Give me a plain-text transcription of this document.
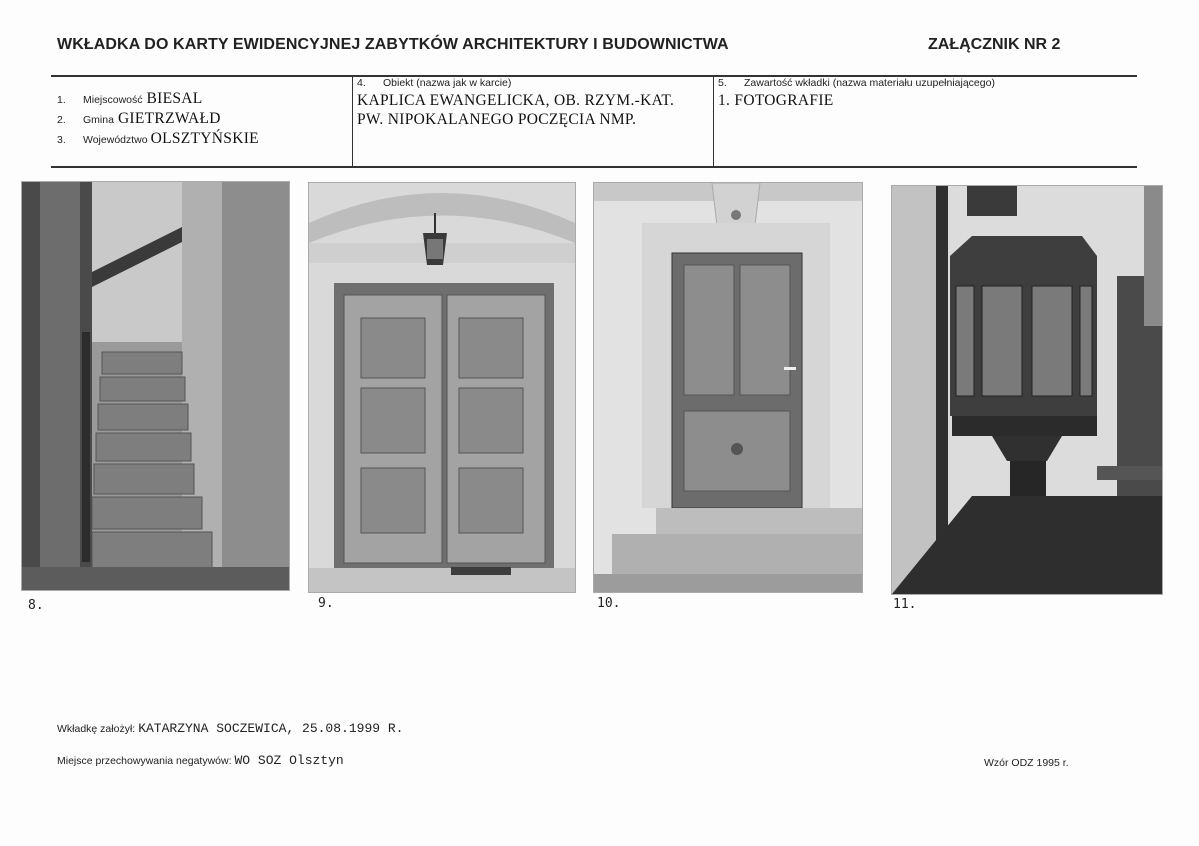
WKŁADKA DO KARTY EWIDENCYJNEJ ZABYTKÓW ARCHITEKTURY I BUDOWNICTWA	ZAŁĄCZNIK NR 2
1.	Miejscowość BIESAL
2.	Gmina GIETRZWAŁD
3.	Województwo OLSZTYŃSKIE
4.	Obiekt (nazwa jak w karcie)
KAPLICA EWANGELICKA, OB. RZYM.-KAT.
PW. NIPOKALANEGO POCZĘCIA NMP.
5.	Zawartość wkładki (nazwa materiału uzupełniającego)
1. FOTOGRAFIE
8.	9.	10.	11.
Wkładkę założył: KATARZYNA SOCZEWICA, 25.08.1999 R.
Miejsce przechowywania negatywów: WO SOZ Olsztyn	Wzór ODZ 1995 r.
